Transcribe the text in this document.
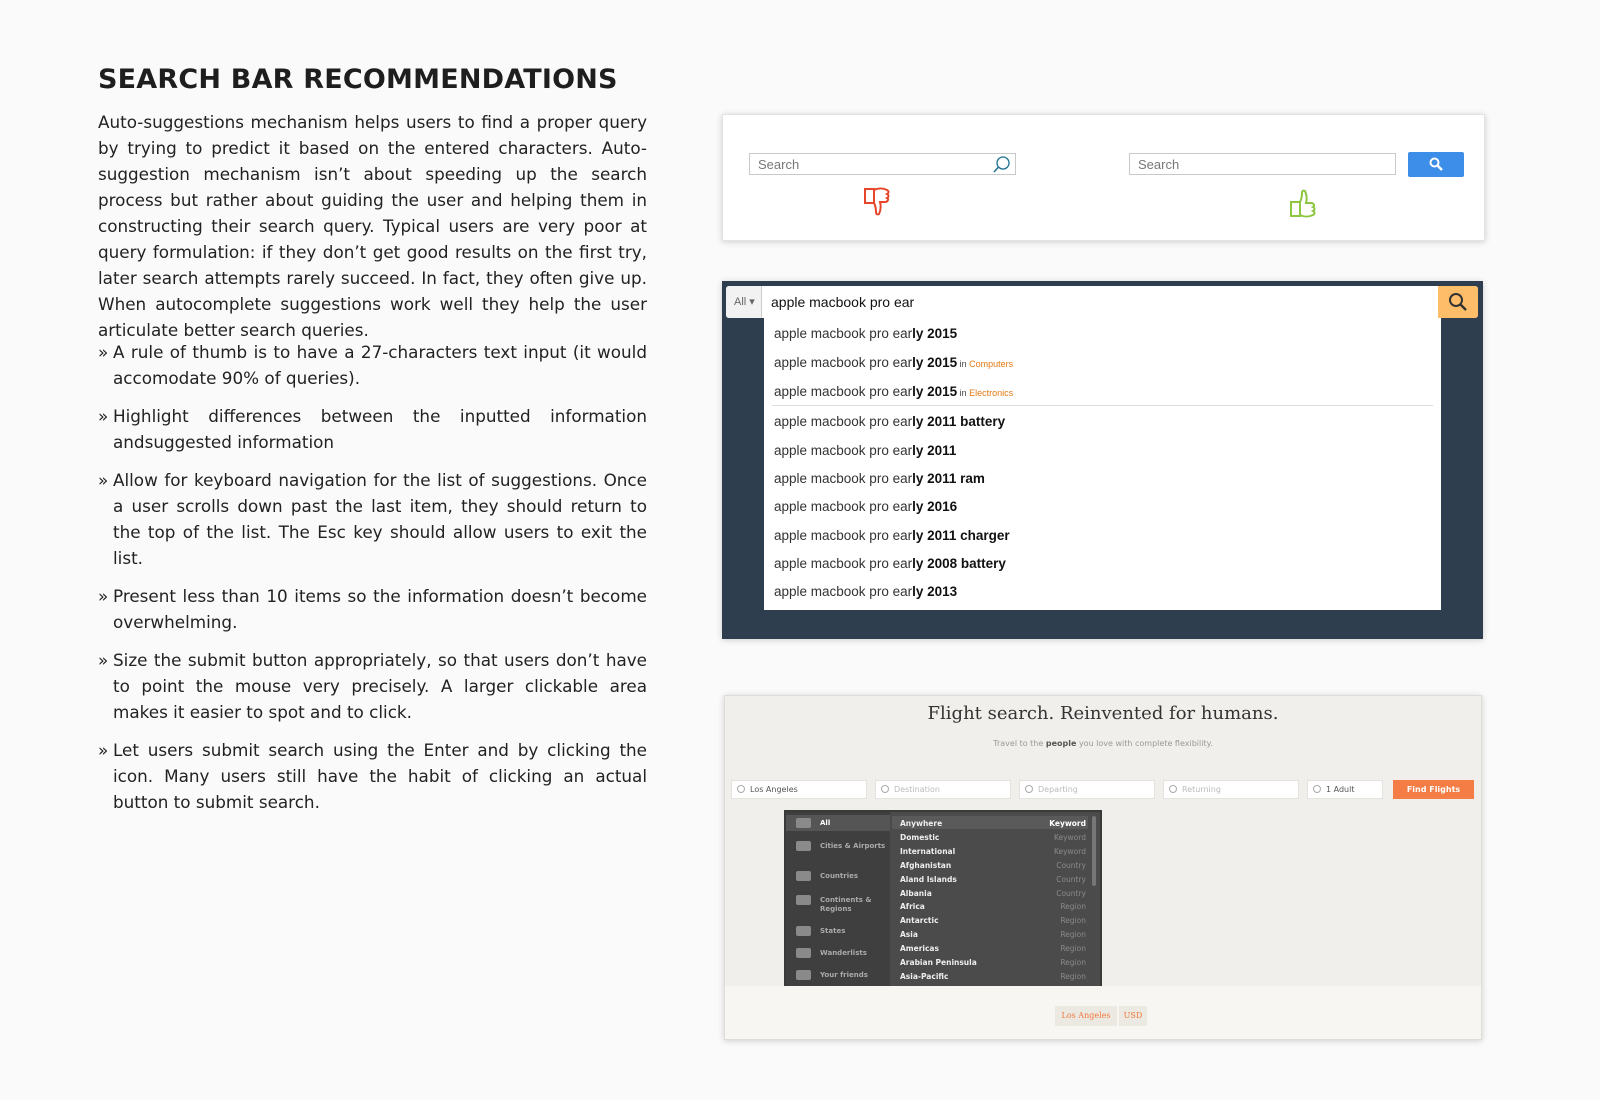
SEARCH BAR RECOMMENDATIONS
Auto-suggestions mechanism helps users to find a proper query by trying to predict it based on the entered characters. Auto-suggestion mechanism isn’t about speeding up the search process but rather about guiding the user and helping them in constructing their search query. Typical users are very poor at query formulation: if they don’t get good results on the first try, later search attempts rarely succeed. In fact, they often give up. When autocomplete suggestions work well they help the user articulate better search queries.
» A rule of thumb is to have a 27-characters text input (it would accomodate 90% of queries).
» Highlight differences between the inputted information andsuggested information
» Allow for keyboard navigation for the list of suggestions. Once a user scrolls down past the last item, they should return to the top of the list. The Esc key should allow users to exit the list.
» Present less than 10 items so the information doesn’t become overwhelming.
» Size the submit button appropriately, so that users don’t have to point the mouse very precisely. A larger clickable area makes it easier to spot and to click.
» Let users submit search using the Enter and by clicking the icon. Many users still have the habit of clicking an actual button to submit search.
Search	Search
All ▾	apple macbook pro ear
apple macbook pro early 2015
apple macbook pro early 2015 in Computers
apple macbook pro early 2015 in Electronics
apple macbook pro early 2011 battery
apple macbook pro early 2011
apple macbook pro early 2011 ram
apple macbook pro early 2016
apple macbook pro early 2011 charger
apple macbook pro early 2008 battery
apple macbook pro early 2013
Flight search. Reinvented for humans.
Travel to the people you love with complete flexibility.
Los Angeles	Destination	Departing	Returning	1 Adult	Find Flights
All
Cities & Airports
Countries
Continents & Regions
States
Wanderlists
Your friends
Anywhere	Keyword
Domestic	Keyword
International	Keyword
Afghanistan	Country
Aland Islands	Country
Albania	Country
Africa	Region
Antarctic	Region
Asia	Region
Americas	Region
Arabian Peninsula	Region
Asia-Pacific	Region
Los Angeles	USD
